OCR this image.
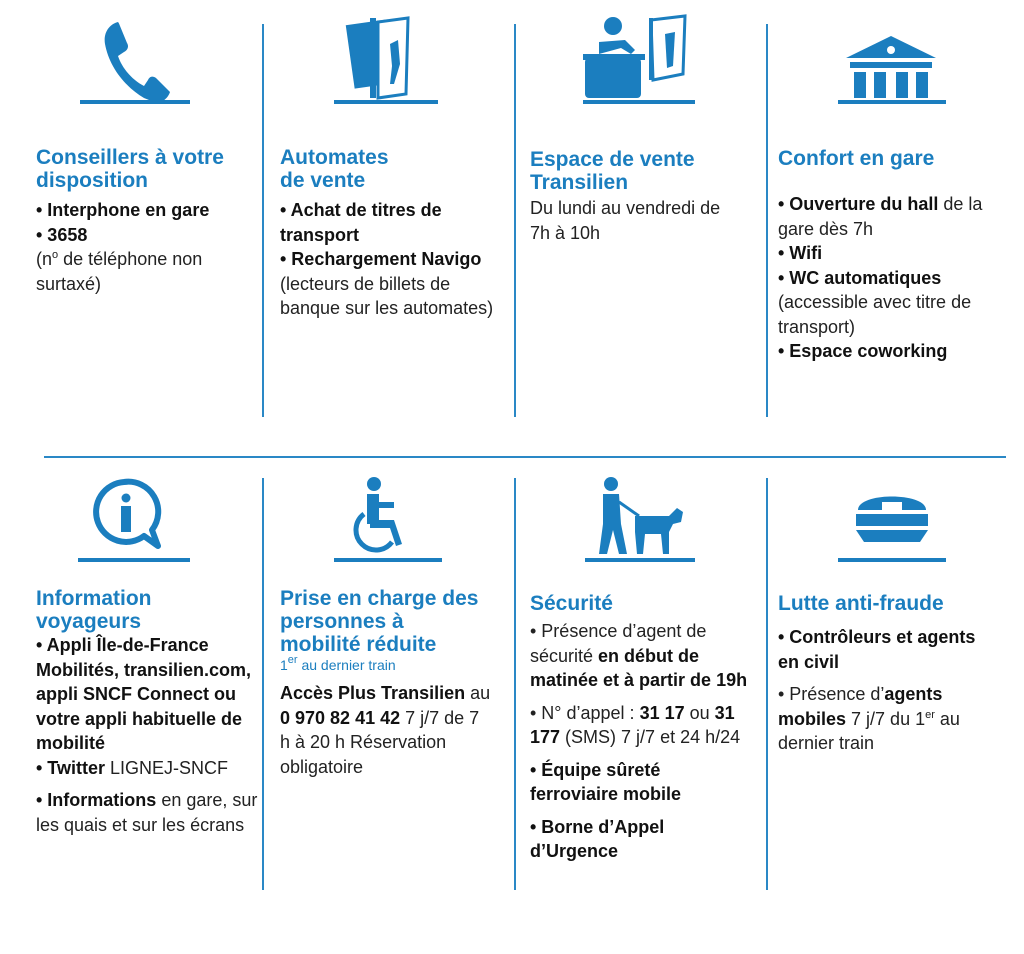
Conseillers à votre disposition

• Interphone en gare

• 3658

($n^o$ de téléphone non surtaxé)

Automates de vente

• Achat de titres de transport

• Rechargement Navigo (lecteurs de billets de banque sur les automates)

Espace de vente Transilien

Du lundi au vendredi de 7h à 10h

Confort en gare

• Ouverture du hall de la gare dès 7h

• Wifi

• WC automatiques (accessible avec titre de transport)

• Espace coworking

Information voyageurs

• Appli Île-de-France Mobilités, transilien.com, appli SNCF Connect ou votre appli habituelle de mobilité

• Twitter LIGNEJ-SNCF

• Informations en gare, sur les quais et sur les écrans

Prise en charge des personnes à mobilité réduite
1er au dernier train

Accès Plus Transilien au 0 970 82 41 42 7 j/7 de 7 h à 20 h Réservation obligatoire

Sécurité

• Présence d’agent de sécurité en début de matinée et à partir de 19h

• N° d’appel : 31 17 ou 31 177 (SMS) 7 j/7 et 24 h/24

• Équipe sûreté ferroviaire mobile

• Borne d’Appel d’Urgence

Lutte anti-fraude

• Contrôleurs et agents en civil

• Présence d’agents mobiles 7 j/7 du 1er au dernier train
